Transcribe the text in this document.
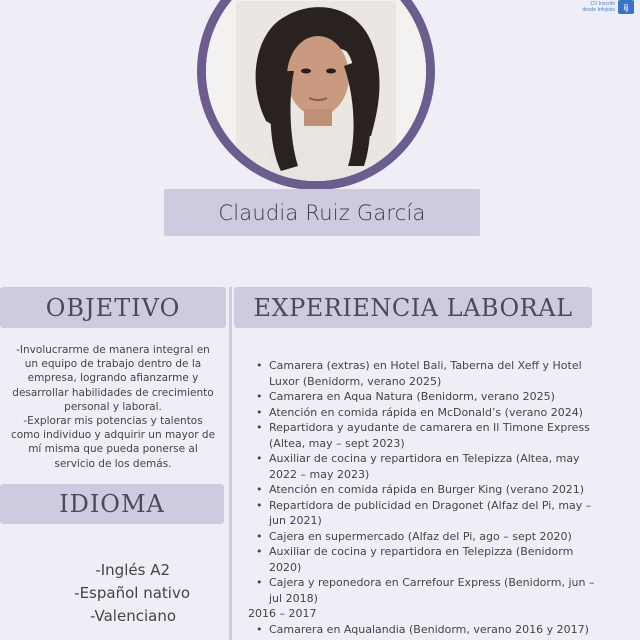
CV Inscrito
desde Infojobs	ij
Claudia Ruiz García
OBJETIVO	EXPERIENCIA LABORAL

-Involucrarme de manera integral en un equipo de trabajo dentro de la empresa, logrando afianzarme y desarrollar habilidades de crecimiento personal y laboral.

-Explorar mis potencias y talentos como individuo y adquirir un mayor de mí misma que pueda ponerse al servicio de los demás.

IDIOMA
-Inglés A2
-Español nativo
-Valenciano
• Camarera (extras) en Hotel Bali, Taberna del Xeff y Hotel Luxor (Benidorm, verano 2025)
• Camarera en Aqua Natura (Benidorm, verano 2025)
• Atención en comida rápida en McDonald’s (verano 2024)
• Repartidora y ayudante de camarera en Il Timone Express (Altea, may – sept 2023)
• Auxiliar de cocina y repartidora en Telepizza (Altea, may 2022 – may 2023)
• Atención en comida rápida en Burger King (verano 2021)
• Repartidora de publicidad en Dragonet (Alfaz del Pi, may – jun 2021)
• Cajera en supermercado (Alfaz del Pi, ago – sept 2020)
• Auxiliar de cocina y repartidora en Telepizza (Benidorm 2020)
• Cajera y reponedora en Carrefour Express (Benidorm, jun – jul 2018)
2016 – 2017
• Camarera en Aqualandia (Benidorm, verano 2016 y 2017)
